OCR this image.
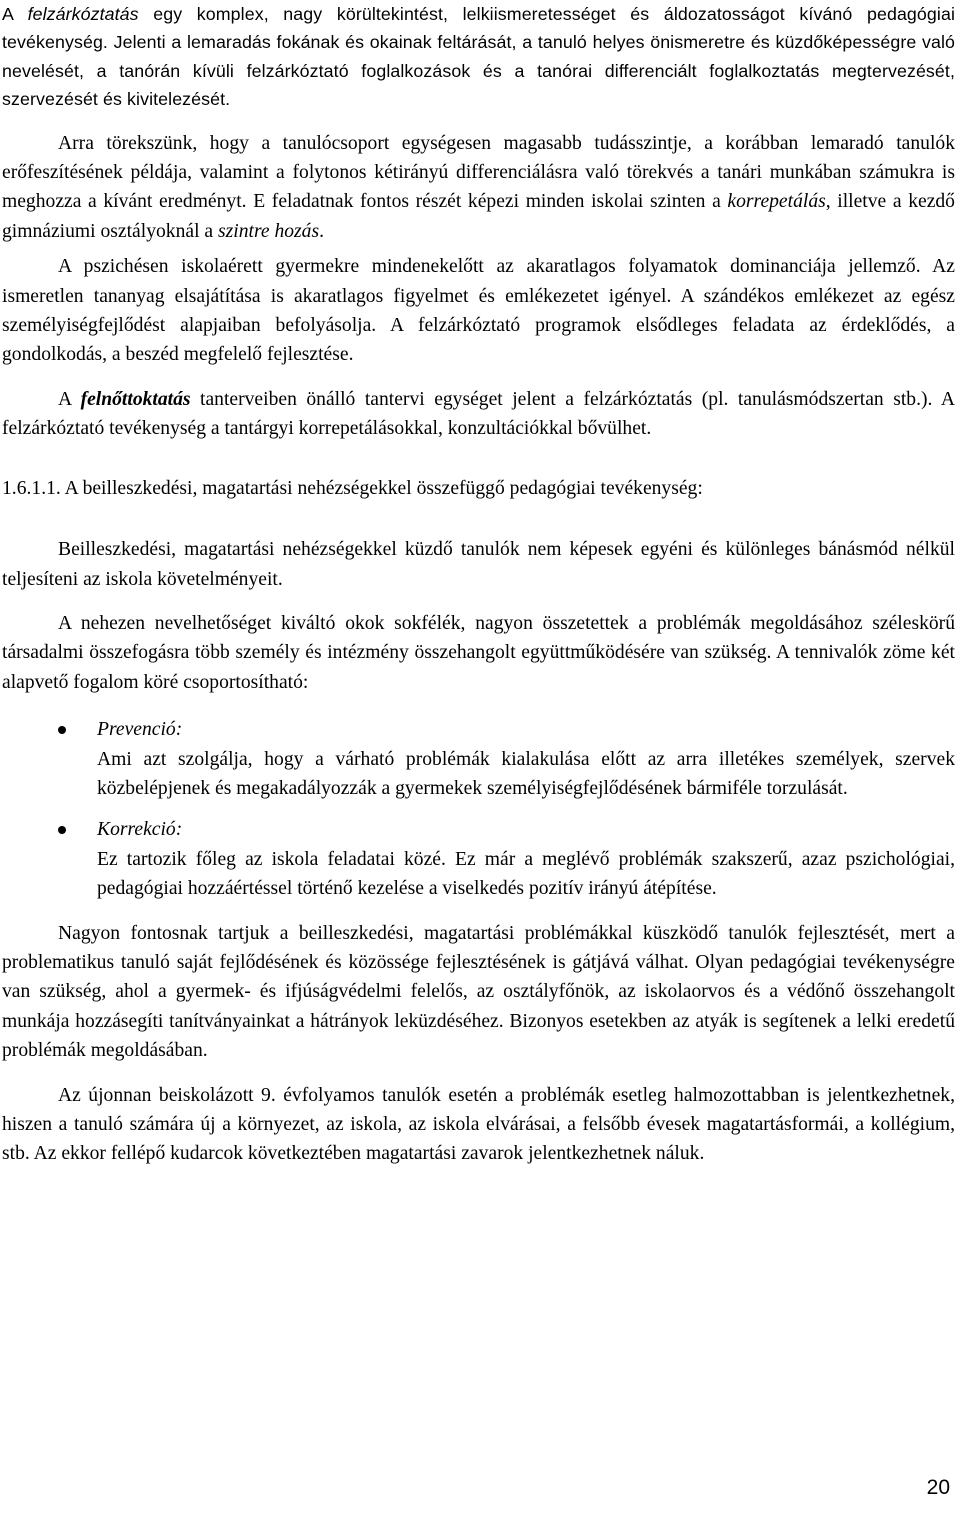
A felzárkóztatás egy komplex, nagy körültekintést, lelkiismeretességet és áldozatosságot kívánó pedagógiai tevékenység. Jelenti a lemaradás fokának és okainak feltárását, a tanuló helyes önismeretre és küzdőképességre való nevelését, a tanórán kívüli felzárkóztató foglalkozások és a tanórai differenciált foglalkoztatás megtervezését, szervezését és kivitelezését.

Arra törekszünk, hogy a tanulócsoport egységesen magasabb tudásszintje, a korábban lemaradó tanulók erőfeszítésének példája, valamint a folytonos kétirányú differenciálásra való törekvés a tanári munkában számukra is meghozza a kívánt eredményt. E feladatnak fontos részét képezi minden iskolai szinten a korrepetálás, illetve a kezdő gimnáziumi osztályoknál a szintre hozás.

A pszichésen iskolaérett gyermekre mindenekelőtt az akaratlagos folyamatok dominanciája jellemző. Az ismeretlen tananyag elsajátítása is akaratlagos figyelmet és emlékezetet igényel. A szándékos emlékezet az egész személyiségfejlődést alapjaiban befolyásolja. A felzárkóztató programok elsődleges feladata az érdeklődés, a gondolkodás, a beszéd megfelelő fejlesztése.

A felnőttoktatás tanterveiben önálló tantervi egységet jelent a felzárkóztatás (pl. tanulásmódszertan stb.). A felzárkóztató tevékenység a tantárgyi korrepetálásokkal, konzultációkkal bővülhet.

1.6.1.1. A beilleszkedési, magatartási nehézségekkel összefüggő pedagógiai tevékenység:

Beilleszkedési, magatartási nehézségekkel küzdő tanulók nem képesek egyéni és különleges bánásmód nélkül teljesíteni az iskola követelményeit.

A nehezen nevelhetőséget kiváltó okok sokfélék, nagyon összetettek a problémák megoldásához széleskörű társadalmi összefogásra több személy és intézmény összehangolt együttműködésére van szükség. A tennivalók zöme két alapvető fogalom köré csoportosítható:

Prevenció:
Ami azt szolgálja, hogy a várható problémák kialakulása előtt az arra illetékes személyek, szervek közbelépjenek és megakadályozzák a gyermekek személyiségfejlődésének bármiféle torzulását.
Korrekció:
Ez tartozik főleg az iskola feladatai közé. Ez már a meglévő problémák szakszerű, azaz pszichológiai, pedagógiai hozzáértéssel történő kezelése a viselkedés pozitív irányú átépítése.

Nagyon fontosnak tartjuk a beilleszkedési, magatartási problémákkal küszködő tanulók fejlesztését, mert a problematikus tanuló saját fejlődésének és közössége fejlesztésének is gátjává válhat. Olyan pedagógiai tevékenységre van szükség, ahol a gyermek- és ifjúságvédelmi felelős, az osztályfőnök, az iskolaorvos és a védőnő összehangolt munkája hozzásegíti tanítványainkat a hátrányok leküzdéséhez. Bizonyos esetekben az atyák is segítenek a lelki eredetű problémák megoldásában.

Az újonnan beiskolázott 9. évfolyamos tanulók esetén a problémák esetleg halmozottabban is jelentkezhetnek, hiszen a tanuló számára új a környezet, az iskola, az iskola elvárásai, a felsőbb évesek magatartásformái, a kollégium, stb. Az ekkor fellépő kudarcok következtében magatartási zavarok jelentkezhetnek náluk.

20
